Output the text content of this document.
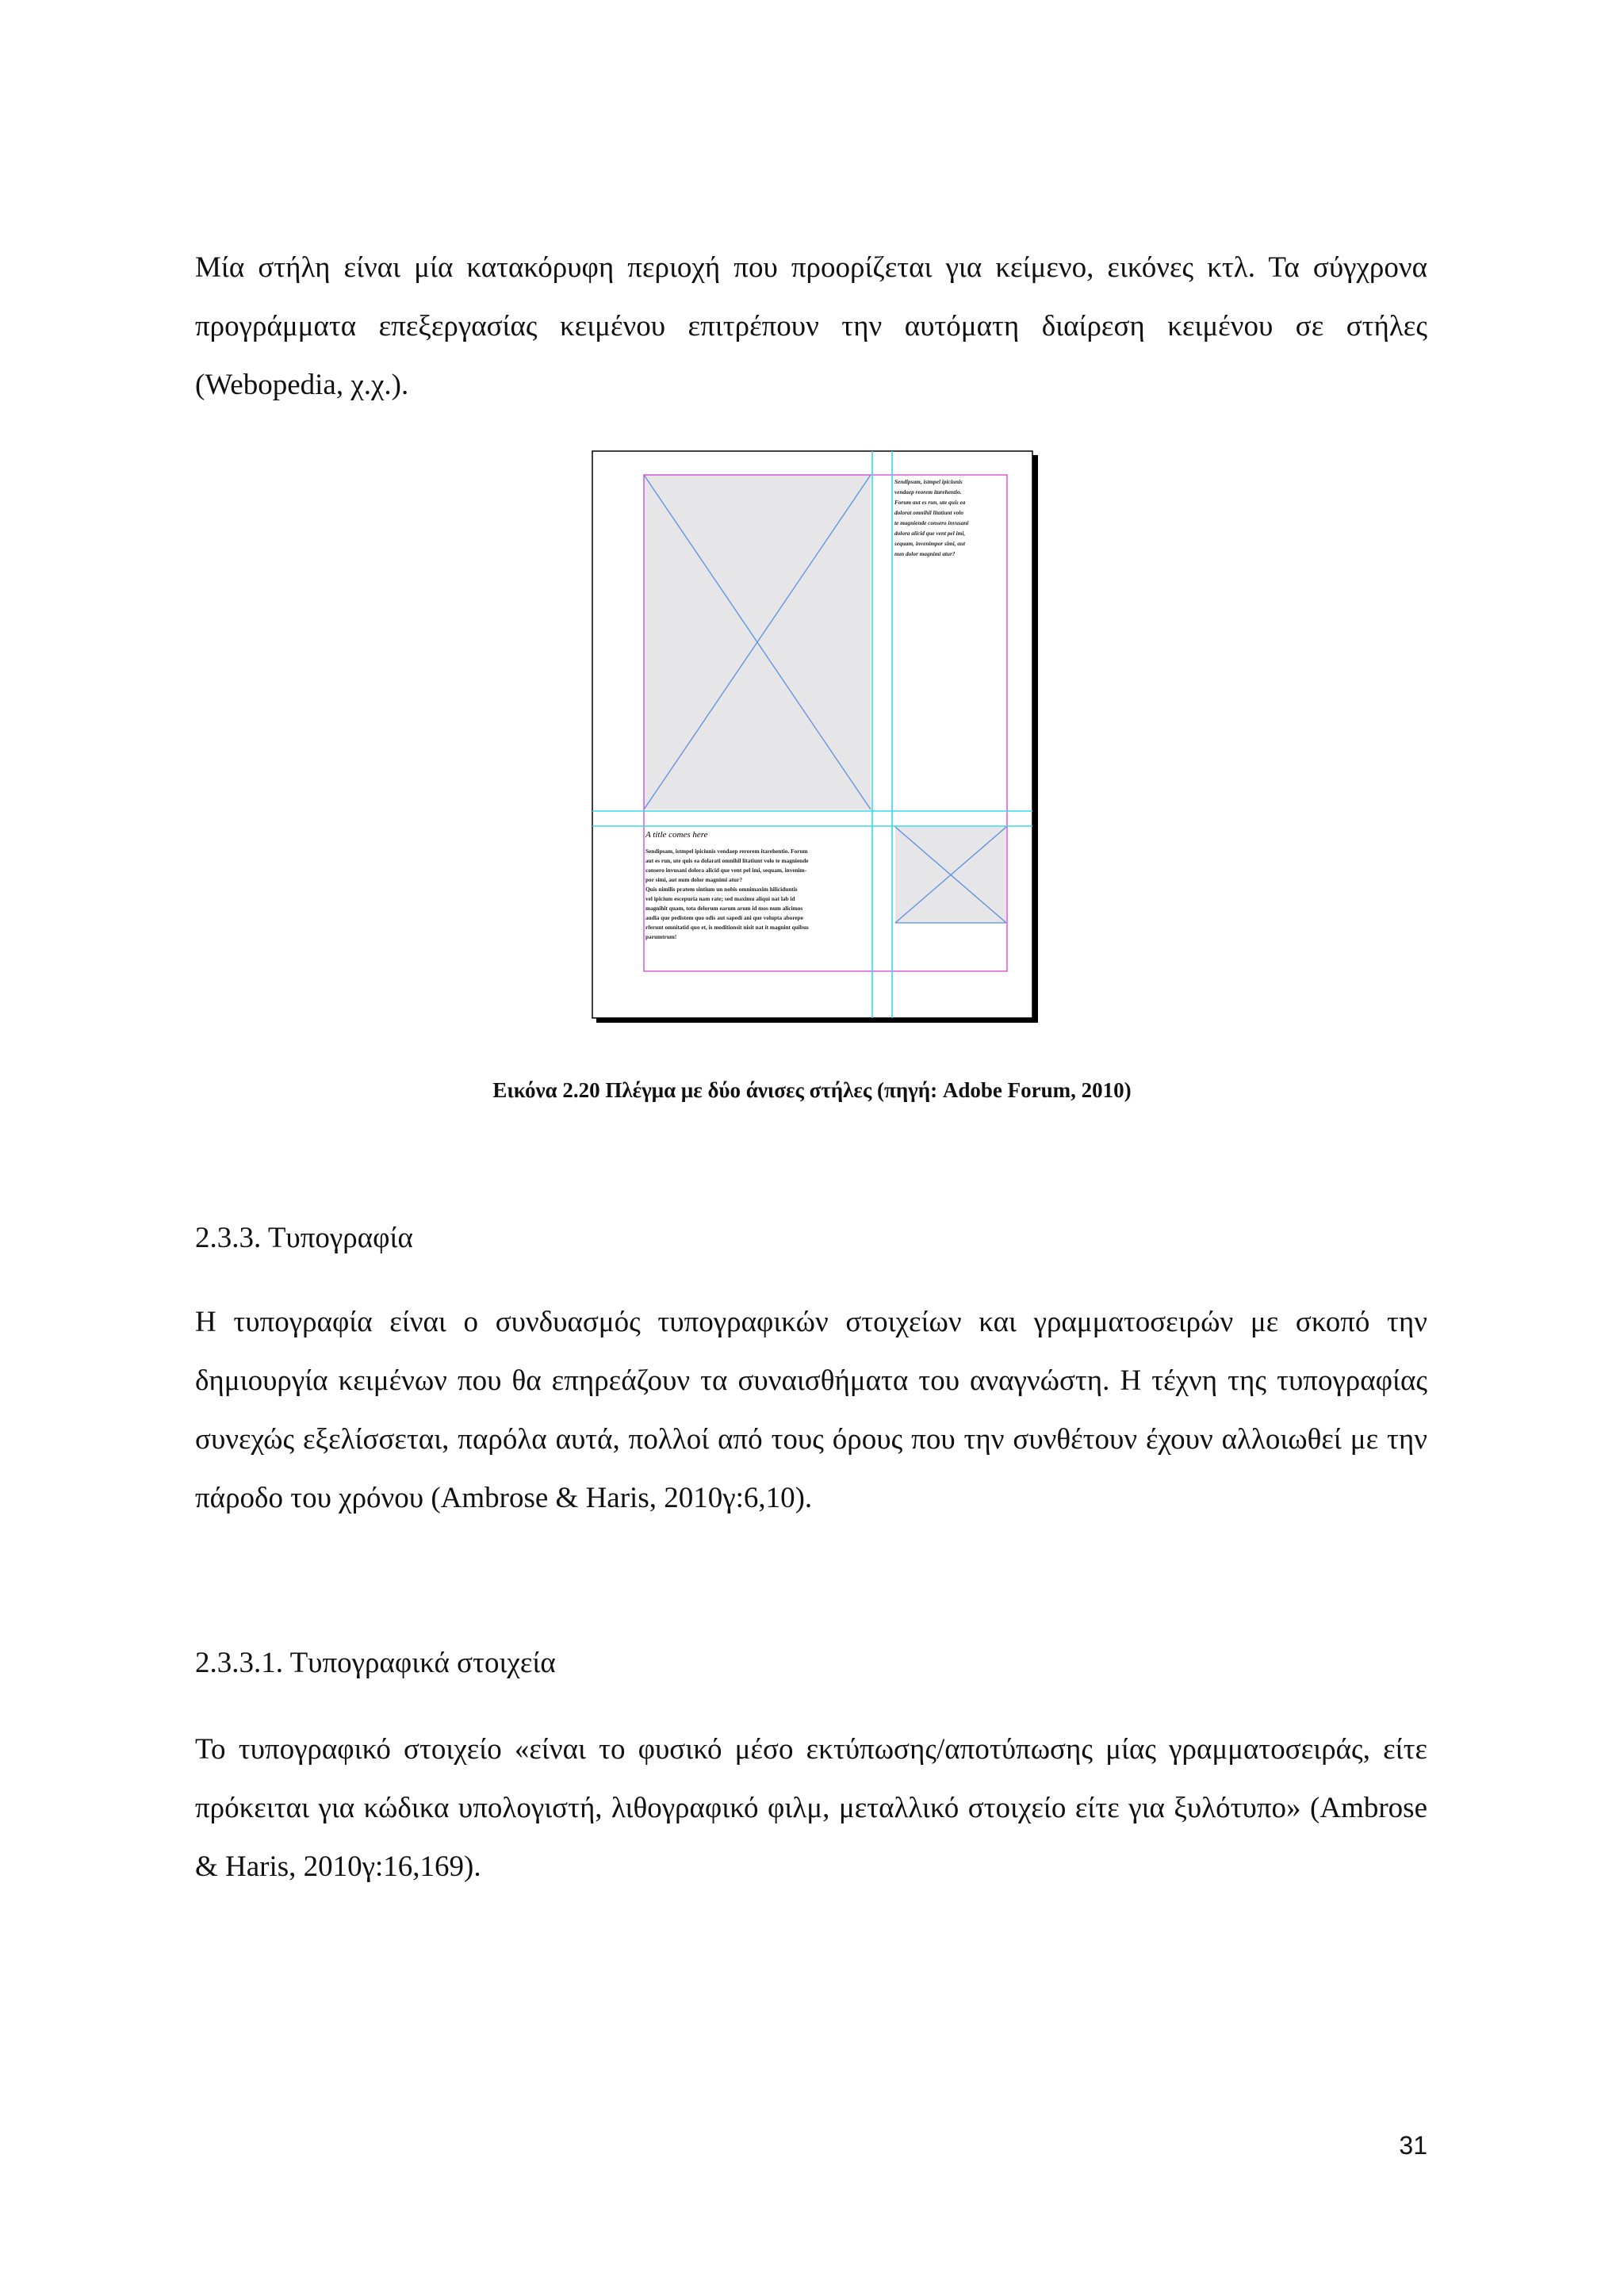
Μία στήλη είναι μία κατακόρυφη περιοχή που προορίζεται για κείμενο, εικόνες κτλ. Τα σύγχρονα προγράμματα επεξεργασίας κειμένου επιτρέπουν την αυτόματη διαίρεση κειμένου σε στήλες (Webopedia, χ.χ.).

Sendipsam, istmpel ipiciunis vendaep reorem itarehentio. Forum aut es run, ute quis ea dolorat omnihil litatiunt volo te magniende consero invusani dolora alicid que vent pel imi, sequam, invenimpor simi, aut nun dolor magnimi atur?
A title comes here
Sendipsam, istmpel ipiciunis vendaep rerorem itarehentio. Forum aut es run, ute quis ea dolarati omnihil litatiunt volo te magniende consero invusani dolora alicid que vent pel imi, sequam, invenim- por simi, aut num dolor magnimi atur? Quis nimilis pratem sintium un nobis omnimaxim hiliciduntis vel ipicium escepuria nam rate; sed maximu aliqui nat lab id magnihit quam, tota delorum earum arum id mos num alicimos audia que pedistem quo odis aut sapedi ani que volupta aborepe rferunt omnitatid quo et, is moditionsit nisit nat it magnint quibus parumtrum!
Εικόνα 2.20 Πλέγμα με δύο άνισες στήλες (πηγή: Adobe Forum, 2010)
2.3.3. Τυπογραφία

Η τυπογραφία είναι ο συνδυασμός τυπογραφικών στοιχείων και γραμματοσειρών με σκοπό την δημιουργία κειμένων που θα επηρεάζουν τα συναισθήματα του αναγνώστη. Η τέχνη της τυπογραφίας συνεχώς εξελίσσεται, παρόλα αυτά, πολλοί από τους όρους που την συνθέτουν έχουν αλλοιωθεί με την πάροδο του χρόνου (Ambrose & Haris, 2010γ:6,10).

2.3.3.1. Τυπογραφικά στοιχεία

Το τυπογραφικό στοιχείο «είναι το φυσικό μέσο εκτύπωσης/αποτύπωσης μίας γραμματοσειράς, είτε πρόκειται για κώδικα υπολογιστή, λιθογραφικό φιλμ, μεταλλικό στοιχείο είτε για ξυλότυπο» (Ambrose & Haris, 2010γ:16,169).

31
